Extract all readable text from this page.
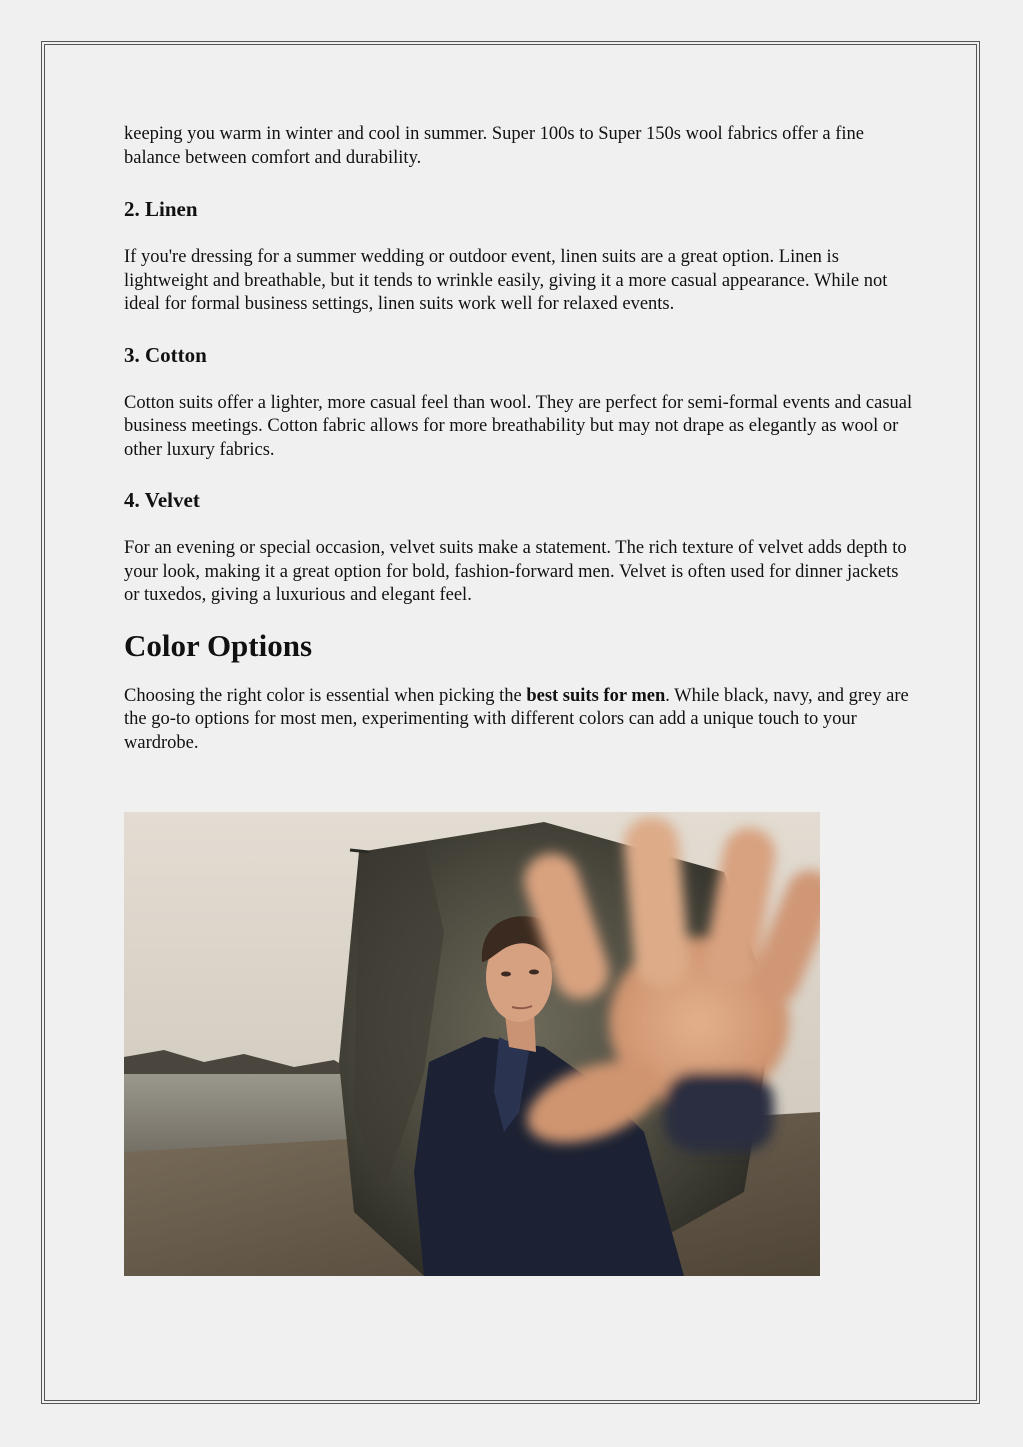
keeping you warm in winter and cool in summer. Super 100s to Super 150s wool fabrics offer a fine balance between comfort and durability.

2. Linen

If you're dressing for a summer wedding or outdoor event, linen suits are a great option. Linen is lightweight and breathable, but it tends to wrinkle easily, giving it a more casual appearance. While not ideal for formal business settings, linen suits work well for relaxed events.

3. Cotton

Cotton suits offer a lighter, more casual feel than wool. They are perfect for semi-formal events and casual business meetings. Cotton fabric allows for more breathability but may not drape as elegantly as wool or other luxury fabrics.

4. Velvet

For an evening or special occasion, velvet suits make a statement. The rich texture of velvet adds depth to your look, making it a great option for bold, fashion-forward men. Velvet is often used for dinner jackets or tuxedos, giving a luxurious and elegant feel.

Color Options

Choosing the right color is essential when picking the best suits for men. While black, navy, and grey are the go-to options for most men, experimenting with different colors can add a unique touch to your wardrobe.
